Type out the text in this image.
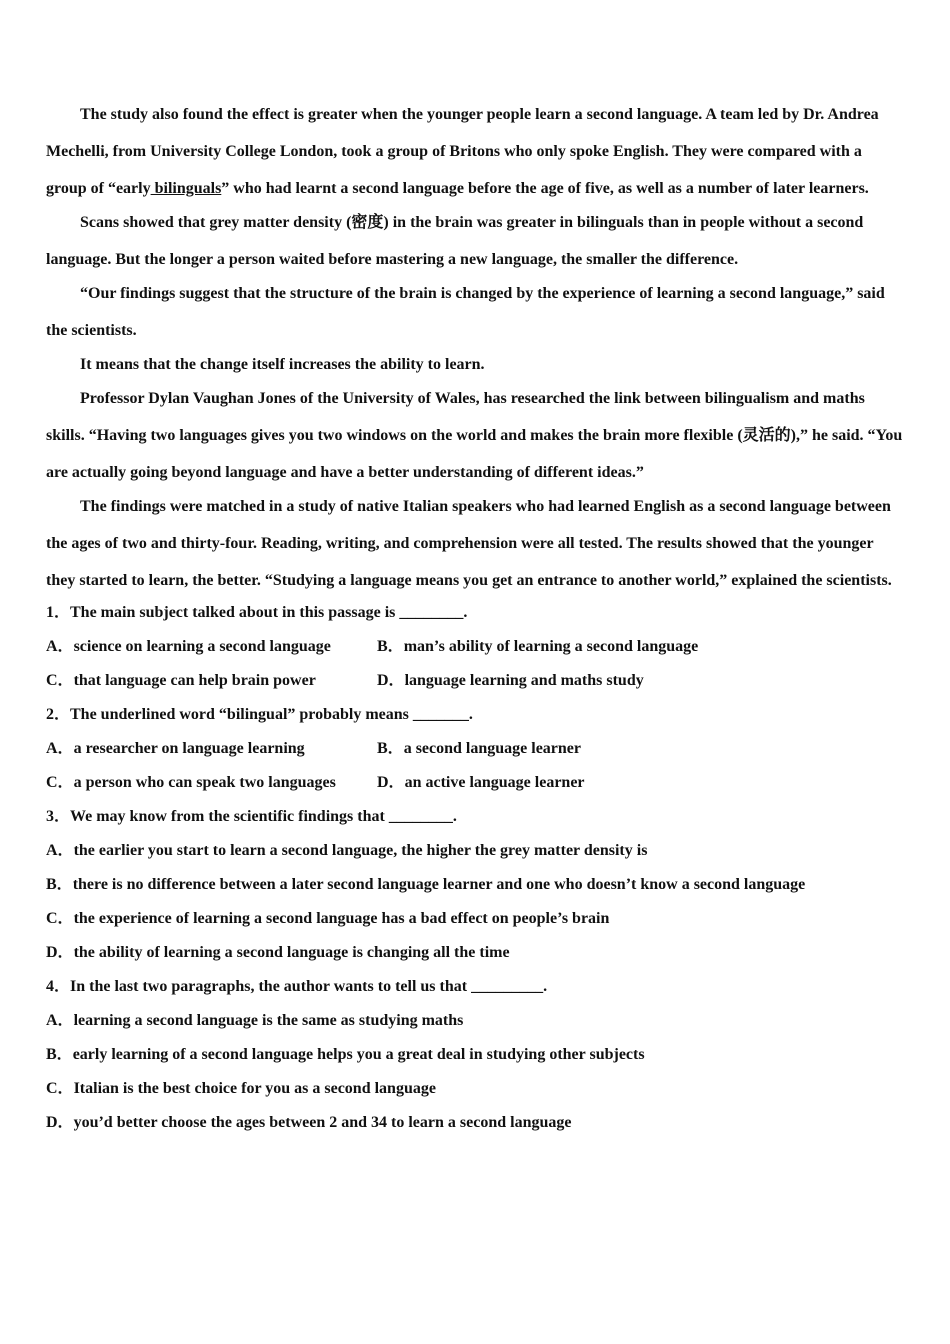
The study also found the effect is greater when the younger people learn a second language. A team led by Dr. Andrea Mechelli, from University College London, took a group of Britons who only spoke English. They were compared with a group of “early bilinguals” who had learnt a second language before the age of five, as well as a number of later learners.

Scans showed that grey matter density (密度) in the brain was greater in bilinguals than in people without a second language. But the longer a person waited before mastering a new language, the smaller the difference.

“Our findings suggest that the structure of the brain is changed by the experience of learning a second language,” said the scientists.

It means that the change itself increases the ability to learn.

Professor Dylan Vaughan Jones of the University of Wales, has researched the link between bilingualism and maths skills. “Having two languages gives you two windows on the world and makes the brain more flexible (灵活的),” he said. “You are actually going beyond language and have a better understanding of different ideas.”

The findings were matched in a study of native Italian speakers who had learned English as a second language between the ages of two and thirty-four. Reading, writing, and comprehension were all tested. The results showed that the younger they started to learn, the better. “Studying a language means you get an entrance to another world,” explained the scientists.

1．The main subject talked about in this passage is ________.

A． science on learning a second language	B． man’s ability of learning a second language
C． that language can help brain power	D． language learning and maths study

2．The underlined word “bilingual” probably means _______.

A． a researcher on language learning	B． a second language learner
C． a person who can speak two languages	D． an active language learner

3．We may know from the scientific findings that ________.

A． the earlier you start to learn a second language, the higher the grey matter density is
B． there is no difference between a later second language learner and one who doesn’t know a second language
C． the experience of learning a second language has a bad effect on people’s brain
D． the ability of learning a second language is changing all the time

4．In the last two paragraphs, the author wants to tell us that _________.

A． learning a second language is the same as studying maths
B． early learning of a second language helps you a great deal in studying other subjects
C． Italian is the best choice for you as a second language
D． you’d better choose the ages between 2 and 34 to learn a second language
